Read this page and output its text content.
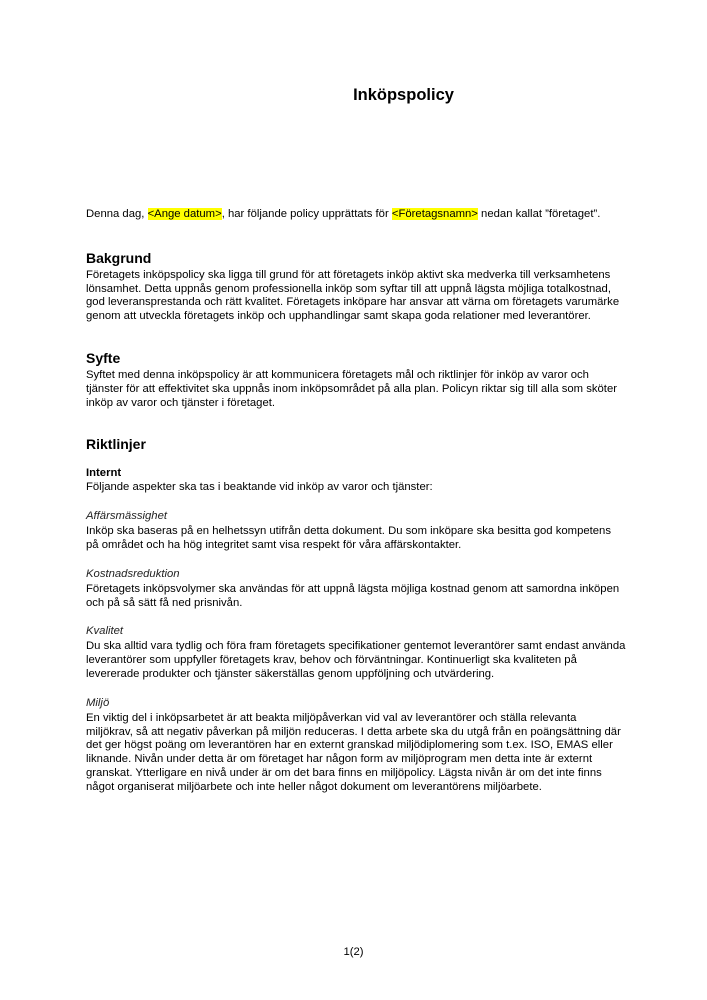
Inköpspolicy

Denna dag, <Ange datum>, har följande policy upprättats för <Företagsnamn> nedan kallat ”företaget”.

Bakgrund

Företagets inköpspolicy ska ligga till grund för att företagets inköp aktivt ska medverka till verksamhetens lönsamhet. Detta uppnås genom professionella inköp som syftar till att uppnå lägsta möjliga totalkostnad, god leveransprestanda och rätt kvalitet. Företagets inköpare har ansvar att värna om företagets varumärke genom att utveckla företagets inköp och upphandlingar samt skapa goda relationer med leverantörer.

Syfte

Syftet med denna inköpspolicy är att kommunicera företagets mål och riktlinjer för inköp av varor och tjänster för att effektivitet ska uppnås inom inköpsområdet på alla plan. Policyn riktar sig till alla som sköter inköp av varor och tjänster i företaget.

Riktlinjer

Internt

Följande aspekter ska tas i beaktande vid inköp av varor och tjänster:

Affärsmässighet

Inköp ska baseras på en helhetssyn utifrån detta dokument. Du som inköpare ska besitta god kompetens på området och ha hög integritet samt visa respekt för våra affärskontakter.

Kostnadsreduktion

Företagets inköpsvolymer ska användas för att uppnå lägsta möjliga kostnad genom att samordna inköpen och på så sätt få ned prisnivån.

Kvalitet

Du ska alltid vara tydlig och föra fram företagets specifikationer gentemot leverantörer samt endast använda leverantörer som uppfyller företagets krav, behov och förväntningar. Kontinuerligt ska kvaliteten på levererade produkter och tjänster säkerställas genom uppföljning och utvärdering.

Miljö

En viktig del i inköpsarbetet är att beakta miljöpåverkan vid val av leverantörer och ställa relevanta miljökrav, så att negativ påverkan på miljön reduceras. I detta arbete ska du utgå från en poängsättning där det ger högst poäng om leverantören har en externt granskad miljödiplomering som t.ex. ISO, EMAS eller liknande. Nivån under detta är om företaget har någon form av miljöprogram men detta inte är externt granskat. Ytterligare en nivå under är om det bara finns en miljöpolicy. Lägsta nivån är om det inte finns något organiserat miljöarbete och inte heller något dokument om leverantörens miljöarbete.

1(2)
